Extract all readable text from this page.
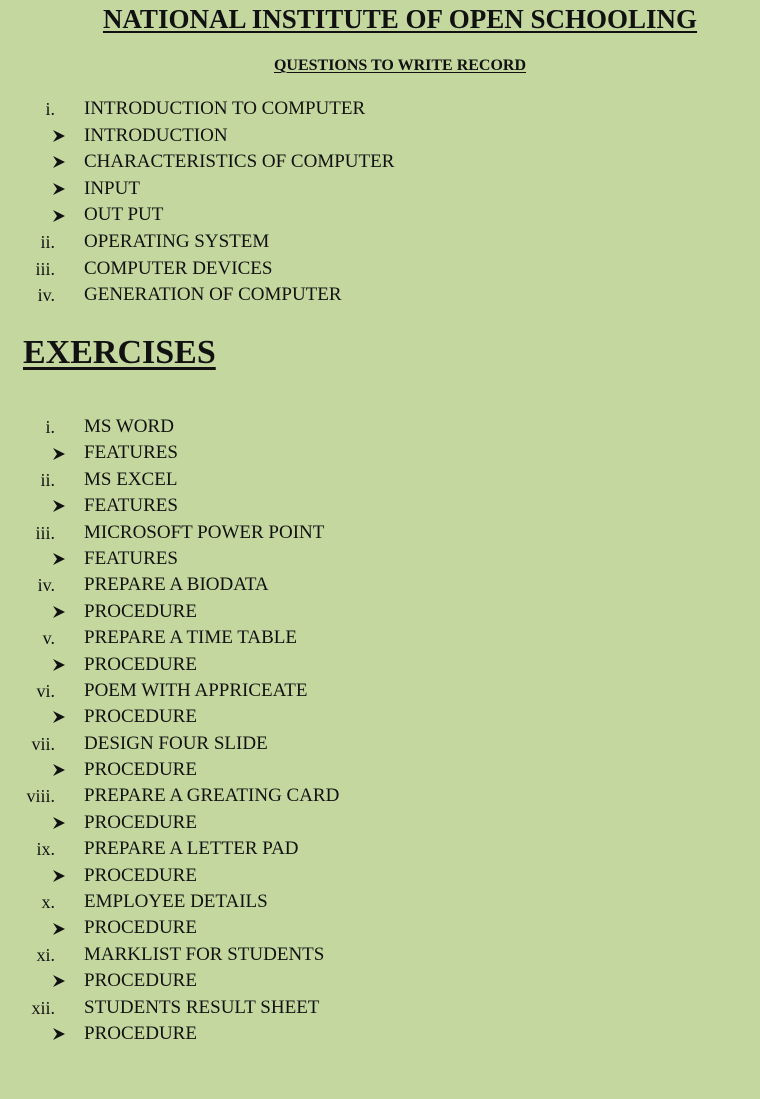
NATIONAL INSTITUTE OF OPEN SCHOOLING
QUESTIONS TO WRITE RECORD
i. INTRODUCTION TO COMPUTER
INTRODUCTION
CHARACTERISTICS OF COMPUTER
INPUT
OUT PUT
ii. OPERATING SYSTEM
iii. COMPUTER DEVICES
iv. GENERATION OF COMPUTER
EXERCISES
i. MS WORD
FEATURES
ii. MS EXCEL
FEATURES
iii. MICROSOFT POWER POINT
FEATURES
iv. PREPARE A BIODATA
PROCEDURE
v. PREPARE A TIME TABLE
PROCEDURE
vi. POEM WITH APPRICEATE
PROCEDURE
vii. DESIGN FOUR SLIDE
PROCEDURE
viii. PREPARE A GREATING CARD
PROCEDURE
ix. PREPARE A LETTER PAD
PROCEDURE
x. EMPLOYEE DETAILS
PROCEDURE
xi. MARKLIST FOR STUDENTS
PROCEDURE
xii. STUDENTS RESULT SHEET
PROCEDURE
